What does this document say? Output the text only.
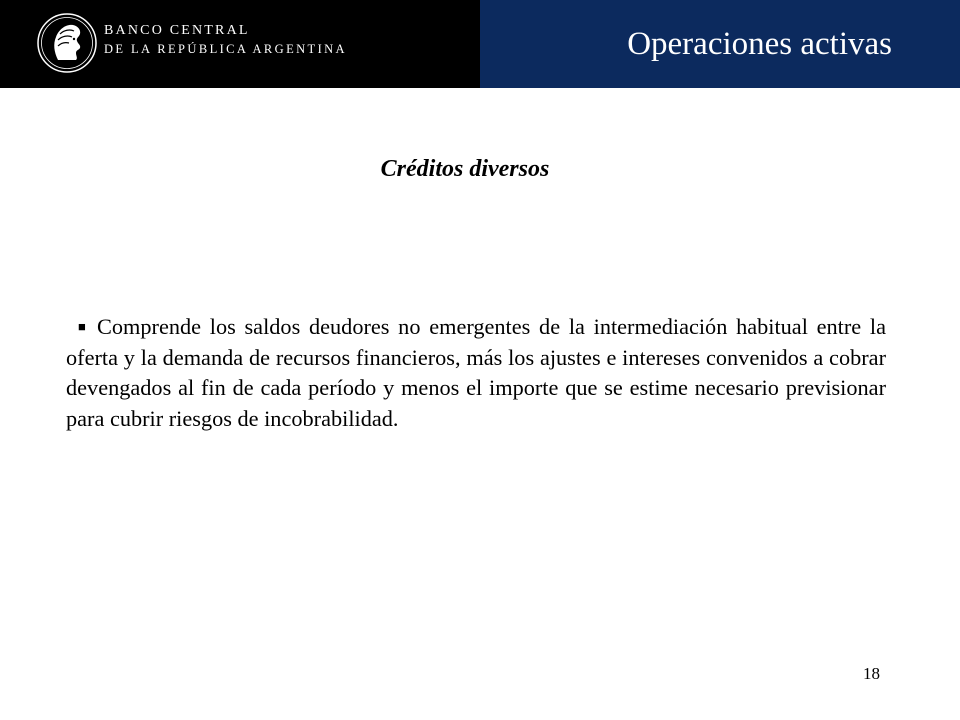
BANCO CENTRAL
DE LA REPÚBLICA ARGENTINA	Operaciones activas
Créditos diversos
■ Comprende los saldos deudores no emergentes de la intermediación habitual entre la oferta y la demanda de recursos financieros, más los ajustes e intereses convenidos a cobrar devengados al fin de cada período y menos el importe que se estime necesario previsionar para cubrir riesgos de incobrabilidad.
18
